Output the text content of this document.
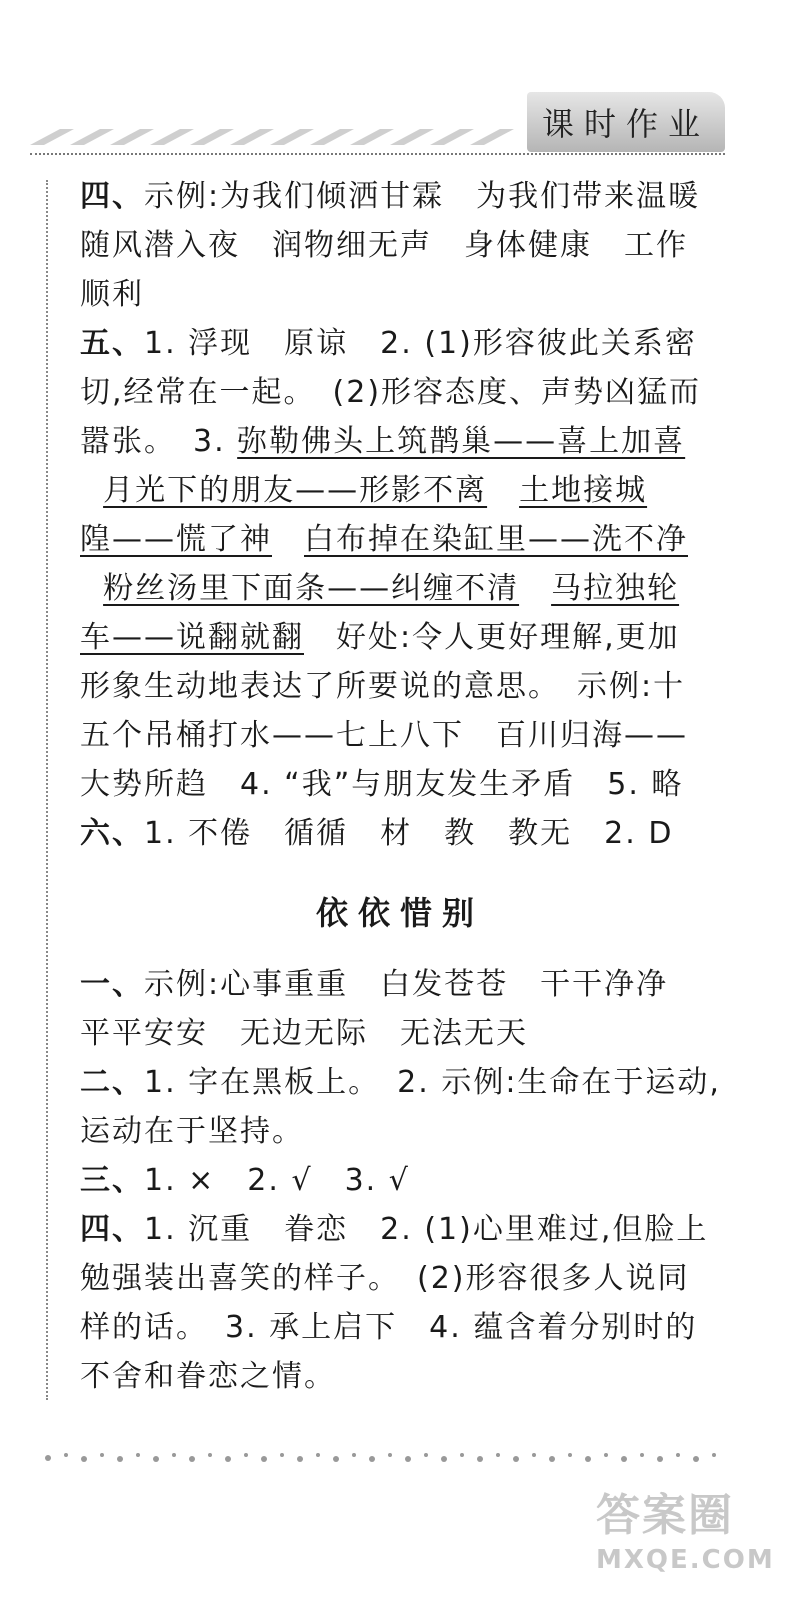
课时作业

四、示例:为我们倾洒甘霖　为我们带来温暖

随风潜入夜　润物细无声　身体健康　工作

顺利

五、1. 浮现　原谅　2. (1)形容彼此关系密

切,经常在一起。　(2)形容态度、声势凶猛而

嚣张。　3. 弥勒佛头上筑鹊巢——喜上加喜

月光下的朋友——形影不离　 土地接城

隍——慌了神　 白布掉在染缸里——洗不净

粉丝汤里下面条——纠缠不清　 马拉独轮

车——说翻就翻　好处:令人更好理解,更加

形象生动地表达了所要说的意思。　示例:十

五个吊桶打水——七上八下　百川归海——

大势所趋　4. “我”与朋友发生矛盾　5. 略

六、1. 不倦　循循　材　教　教无　2. D

依依惜别

一、示例:心事重重　白发苍苍　干干净净

平平安安　无边无际　无法无天

二、1. 字在黑板上。　2. 示例:生命在于运动,

运动在于坚持。

三、1. ×　2. √　3. √

四、1. 沉重　眷恋　2. (1)心里难过,但脸上

勉强装出喜笑的样子。　(2)形容很多人说同

样的话。　3. 承上启下　4. 蕴含着分别时的

不舍和眷恋之情。

答案圈
MXQE.COM
